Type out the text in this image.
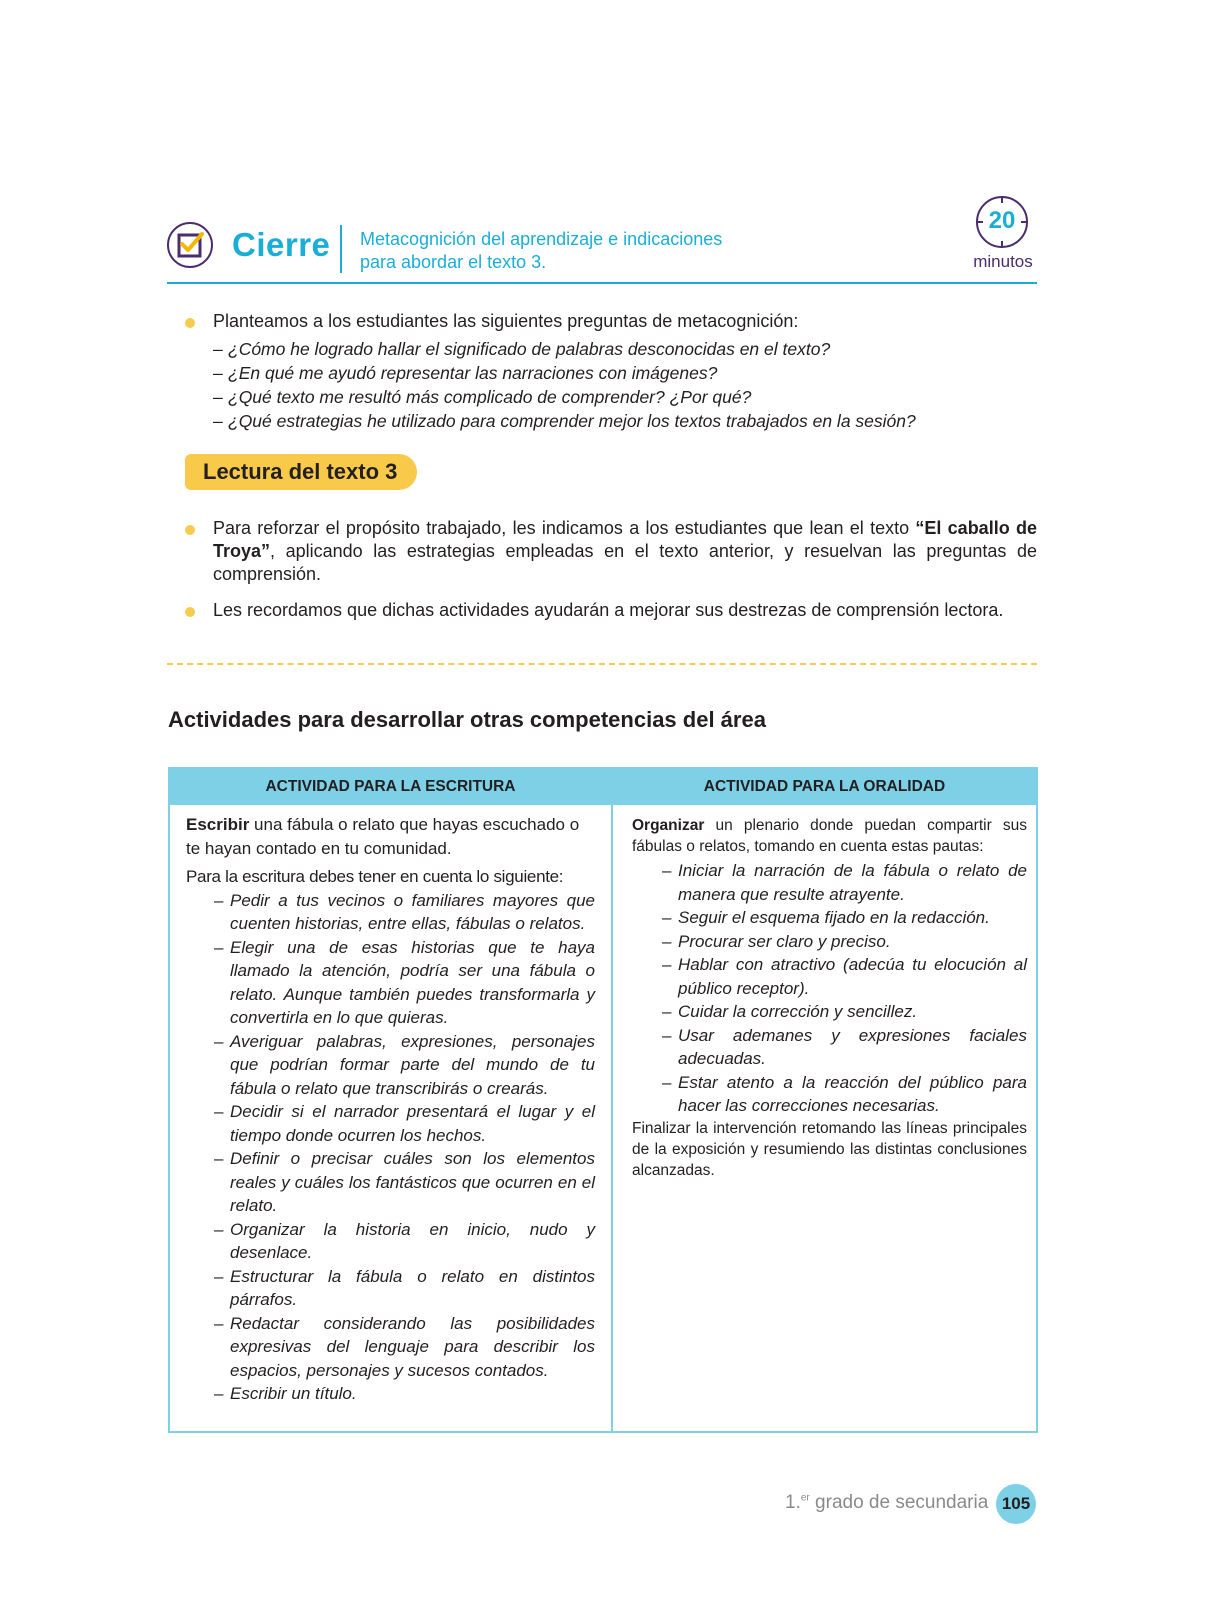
Cierre Metacognición del aprendizaje e indicaciones
para abordar el texto 3.
20
minutos
Planteamos a los estudiantes las siguientes preguntas de metacognición:
– ¿Cómo he logrado hallar el significado de palabras desconocidas en el texto?
– ¿En qué me ayudó representar las narraciones con imágenes?
– ¿Qué texto me resultó más complicado de comprender? ¿Por qué?
– ¿Qué estrategias he utilizado para comprender mejor los textos trabajados en la sesión?
Lectura del texto 3
Para reforzar el propósito trabajado, les indicamos a los estudiantes que lean el texto “El caballo de Troya”, aplicando las estrategias empleadas en el texto anterior, y resuelvan las preguntas de comprensión.
Les recordamos que dichas actividades ayudarán a mejorar sus destrezas de comprensión lectora.
Actividades para desarrollar otras competencias del área
ACTIVIDAD PARA LA ESCRITURA	ACTIVIDAD PARA LA ORALIDAD
Escribir una fábula o relato que hayas escuchado o te hayan contado en tu comunidad.
Para la escritura debes tener en cuenta lo siguiente:
– Pedir a tus vecinos o familiares mayores que cuenten historias, entre ellas, fábulas o relatos.
– Elegir una de esas historias que te haya llamado la atención, podría ser una fábula o relato. Aunque también puedes transformarla y convertirla en lo que quieras.
– Averiguar palabras, expresiones, personajes que podrían formar parte del mundo de tu fábula o relato que transcribirás o crearás.
– Decidir si el narrador presentará el lugar y el tiempo donde ocurren los hechos.
– Definir o precisar cuáles son los elementos reales y cuáles los fantásticos que ocurren en el relato.
– Organizar la historia en inicio, nudo y desenlace.
– Estructurar la fábula o relato en distintos párrafos.
– Redactar considerando las posibilidades expresivas del lenguaje para describir los espacios, personajes y sucesos contados.
– Escribir un título.
Organizar un plenario donde puedan compartir sus fábulas o relatos, tomando en cuenta estas pautas:
– Iniciar la narración de la fábula o relato de manera que resulte atrayente.
– Seguir el esquema fijado en la redacción.
– Procurar ser claro y preciso.
– Hablar con atractivo (adecúa tu elocución al público receptor).
– Cuidar la corrección y sencillez.
– Usar ademanes y expresiones faciales adecuadas.
– Estar atento a la reacción del público para hacer las correcciones necesarias.
Finalizar la intervención retomando las líneas principales de la exposición y resumiendo las distintas conclusiones alcanzadas.
1.$^{er}$ grado de secundaria 105
